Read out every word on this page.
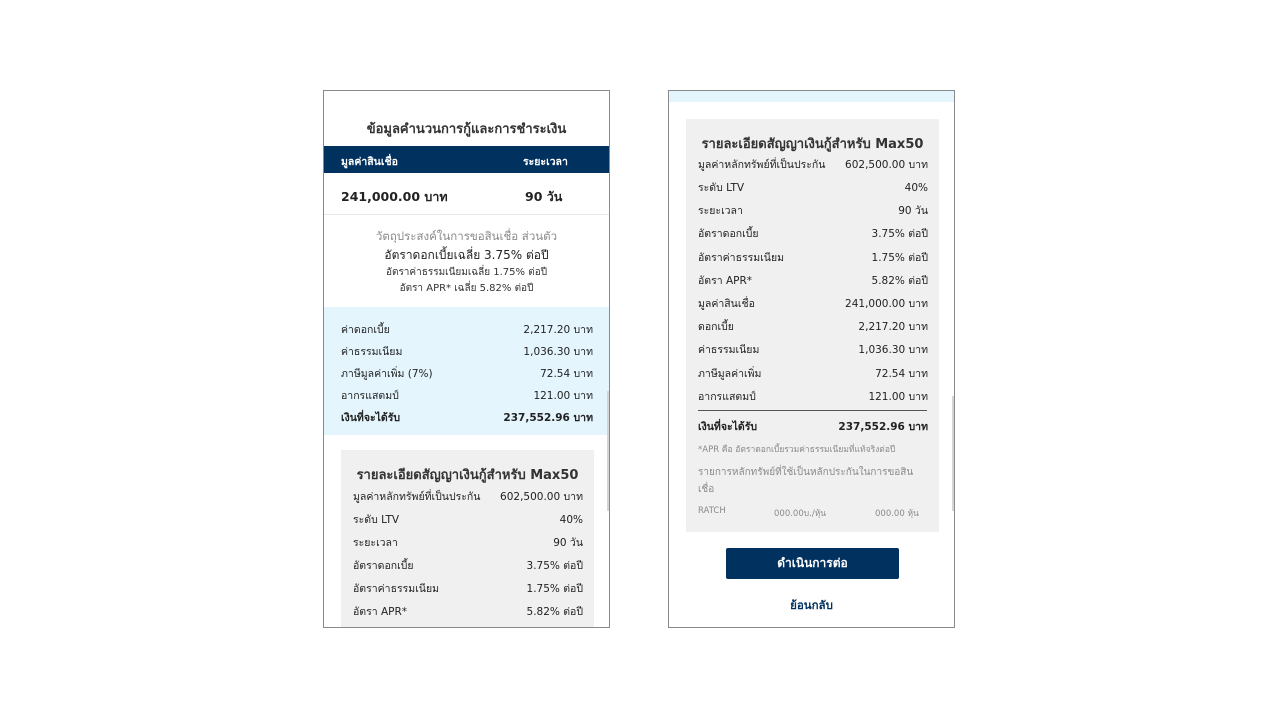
ข้อมูลคำนวนการกู้และการชำระเงิน
มูลค่าสินเชื่อ	ระยะเวลา
241,000.00 บาท	90 วัน
วัตถุประสงค์ในการขอสินเชื่อ ส่วนตัว
อัตราดอกเบี้ยเฉลี่ย 3.75% ต่อปี
อัตราค่าธรรมเนียมเฉลี่ย 1.75% ต่อปี
อัตรา APR* เฉลี่ย 5.82% ต่อปี
ค่าดอกเบี้ย	2,217.20 บาท
ค่าธรรมเนียม	1,036.30 บาท
ภาษีมูลค่าเพิ่ม (7%)	72.54 บาท
อากรแสตมป์	121.00 บาท
เงินที่จะได้รับ	237,552.96 บาท
รายละเอียดสัญญาเงินกู้สำหรับ Max50
มูลค่าหลักทรัพย์ที่เป็นประกัน 602,500.00 บาท
ระดับ LTV	40%
ระยะเวลา	90 วัน
อัตราดอกเบี้ย	3.75% ต่อปี
อัตราค่าธรรมเนียม	1.75% ต่อปี
อัตรา APR*	5.82% ต่อปี
รายละเอียดสัญญาเงินกู้สำหรับ Max50
มูลค่าหลักทรัพย์ที่เป็นประกัน 602,500.00 บาท
ระดับ LTV	40%
ระยะเวลา	90 วัน
อัตราดอกเบี้ย	3.75% ต่อปี
อัตราค่าธรรมเนียม	1.75% ต่อปี
อัตรา APR*	5.82% ต่อปี
มูลค่าสินเชื่อ	241,000.00 บาท
ดอกเบี้ย	2,217.20 บาท
ค่าธรรมเนียม	1,036.30 บาท
ภาษีมูลค่าเพิ่ม	72.54 บาท
อากรแสตมป์	121.00 บาท
เงินที่จะได้รับ	237,552.96 บาท
*APR คือ อัตราดอกเบี้ยรวมค่าธรรมเนียมที่แท้จริงต่อปี
รายการหลักทรัพย์ที่ใช้เป็นหลักประกันในการขอสินเชื่อ
RATCH	000.00บ./หุ้น	000.00 หุ้น
ดำเนินการต่อ
ย้อนกลับ
